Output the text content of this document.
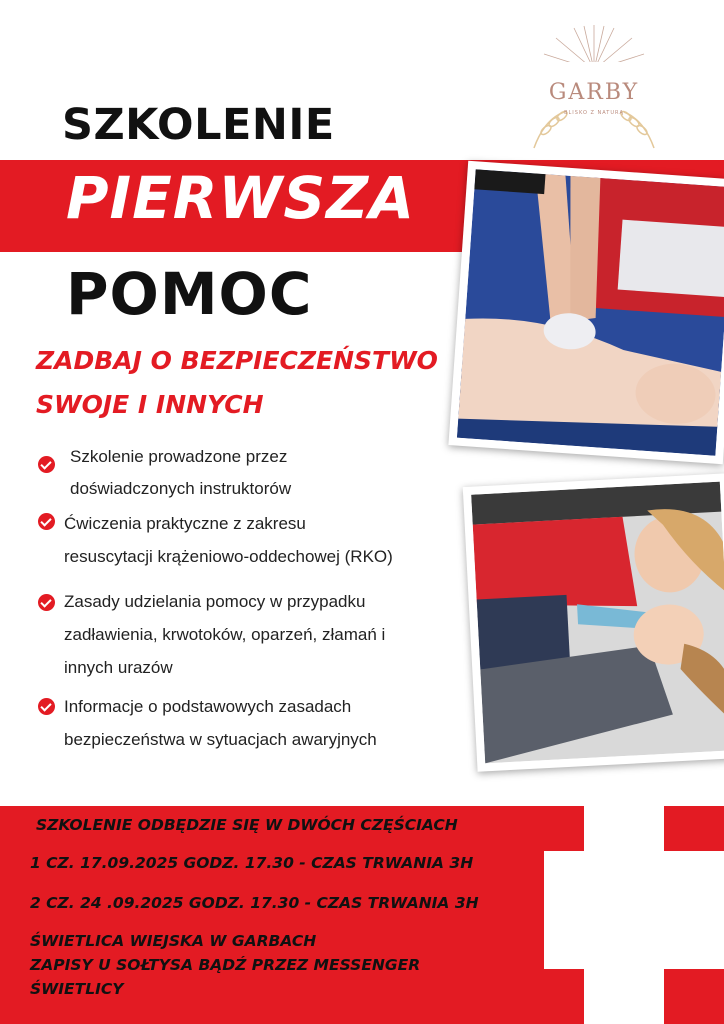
GARBY
BLISKO Z NATURĄ
SZKOLENIE
PIERWSZA
POMOC
ZADBAJ O BEZPIECZEŃSTWO
SWOJE I INNYCH
Szkolenie prowadzone przez
doświadczonych instruktorów
Ćwiczenia praktyczne z zakresu
resuscytacji krążeniowo-oddechowej (RKO)
Zasady udzielania pomocy w przypadku
zadławienia, krwotoków, oparzeń, złamań i
innych urazów
Informacje o podstawowych zasadach
bezpieczeństwa w sytuacjach awaryjnych
SZKOLENIE ODBĘDZIE SIĘ W DWÓCH CZĘŚCIACH
1 CZ. 17.09.2025 GODZ. 17.30 - CZAS TRWANIA 3H
2 CZ. 24 .09.2025 GODZ. 17.30 - CZAS TRWANIA 3H
ŚWIETLICA WIEJSKA W GARBACH
ZAPISY U SOŁTYSA BĄDŹ PRZEZ MESSENGER
ŚWIETLICY
